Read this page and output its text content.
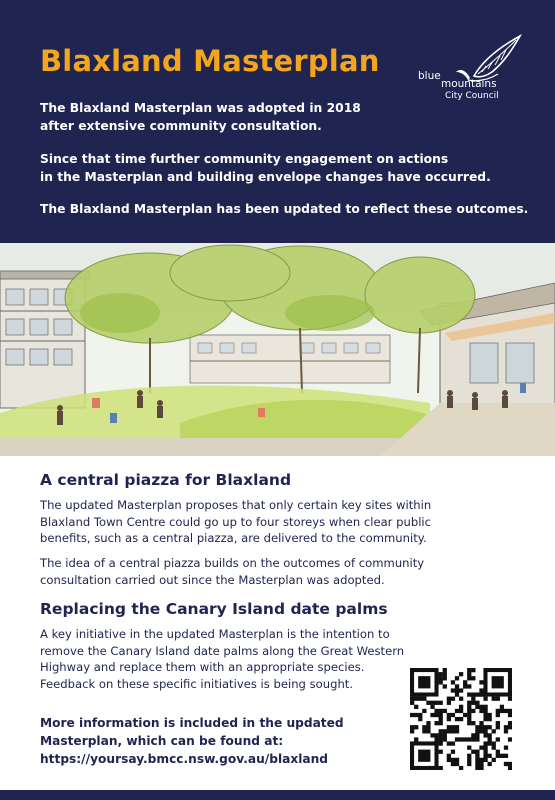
Blaxland Masterplan	blue
mountains
City Council
The Blaxland Masterplan was adopted in 2018
after extensive community consultation.
Since that time further community engagement on actions
in the Masterplan and building envelope changes have occurred.
The Blaxland Masterplan has been updated to reflect these outcomes.
A central piazza for Blaxland
The updated Masterplan proposes that only certain key sites within
Blaxland Town Centre could go up to four storeys when clear public
benefits, such as a central piazza, are delivered to the community.
The idea of a central piazza builds on the outcomes of community
consultation carried out since the Masterplan was adopted.
Replacing the Canary Island date palms
A key initiative in the updated Masterplan is the intention to
remove the Canary Island date palms along the Great Western
Highway and replace them with an appropriate species.
Feedback on these specific initiatives is being sought.
More information is included in the updated
Masterplan, which can be found at:
https://yoursay.bmcc.nsw.gov.au/blaxland
